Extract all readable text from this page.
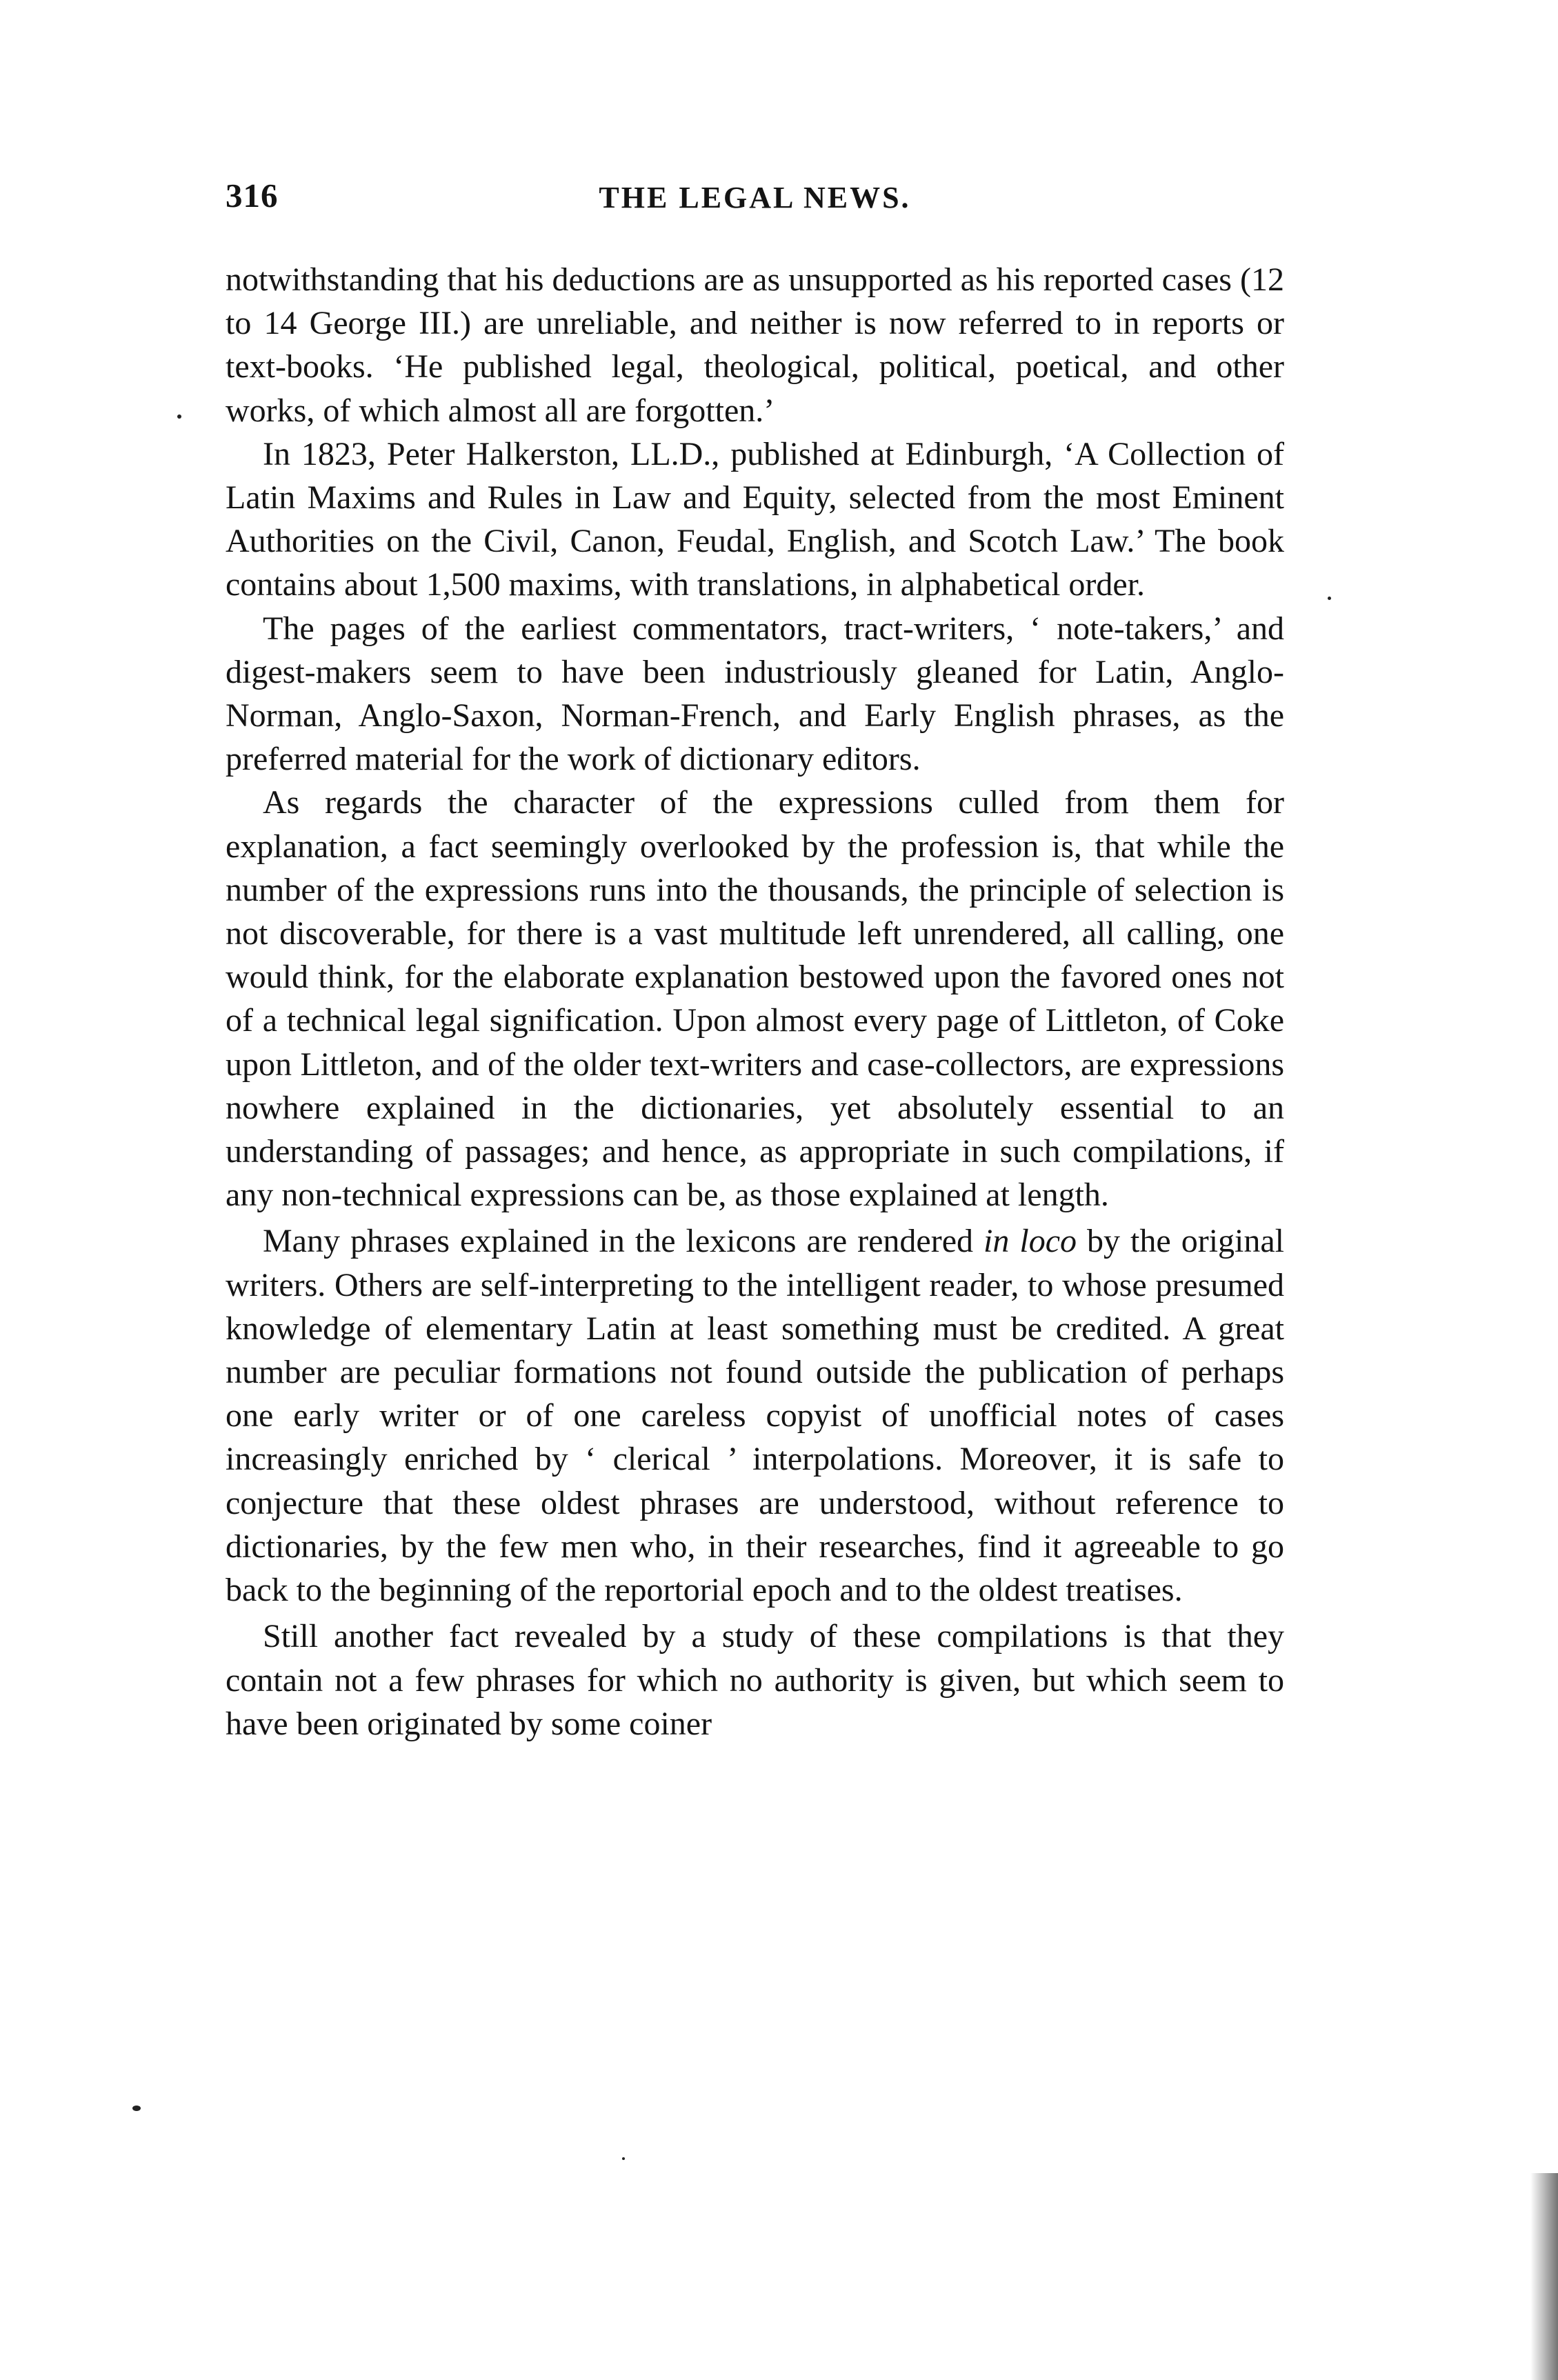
316	THE LEGAL NEWS.

notwithstanding that his deductions are as unsupported as his reported cases (12 to 14 George III.) are unreliable, and neither is now referred to in reports or text-books. ‘He published legal, theological, political, poetical, and other works, of which almost all are forgotten.’

In 1823, Peter Halkerston, LL.D., published at Edinburgh, ‘A Collection of Latin Maxims and Rules in Law and Equity, selected from the most Eminent Authorities on the Civil, Canon, Feudal, English, and Scotch Law.’ The book contains about 1,500 maxims, with translations, in alphabetical order.

The pages of the earliest commentators, tract-writers, ‘ note-takers,’ and digest-makers seem to have been industriously gleaned for Latin, Anglo-Norman, Anglo-Saxon, Norman-French, and Early English phrases, as the preferred material for the work of dictionary editors.

As regards the character of the expressions culled from them for explanation, a fact seemingly overlooked by the profession is, that while the number of the expressions runs into the thousands, the principle of selection is not discoverable, for there is a vast multitude left unrendered, all calling, one would think, for the elaborate explanation bestowed upon the favored ones not of a technical legal signification. Upon almost every page of Littleton, of Coke upon Littleton, and of the older text-writers and case-collectors, are expressions nowhere explained in the dictionaries, yet absolutely essential to an understanding of passages; and hence, as appropriate in such compilations, if any non-technical expressions can be, as those explained at length.

Many phrases explained in the lexicons are rendered in loco by the original writers. Others are self-interpreting to the intelligent reader, to whose presumed knowledge of elementary Latin at least something must be credited. A great number are peculiar formations not found outside the publication of perhaps one early writer or of one careless copyist of unofficial notes of cases increasingly enriched by ‘ clerical ’ interpolations. Moreover, it is safe to conjecture that these oldest phrases are understood, without reference to dictionaries, by the few men who, in their researches, find it agreeable to go back to the beginning of the reportorial epoch and to the oldest treatises.

Still another fact revealed by a study of these compilations is that they contain not a few phrases for which no authority is given, but which seem to have been originated by some coiner
